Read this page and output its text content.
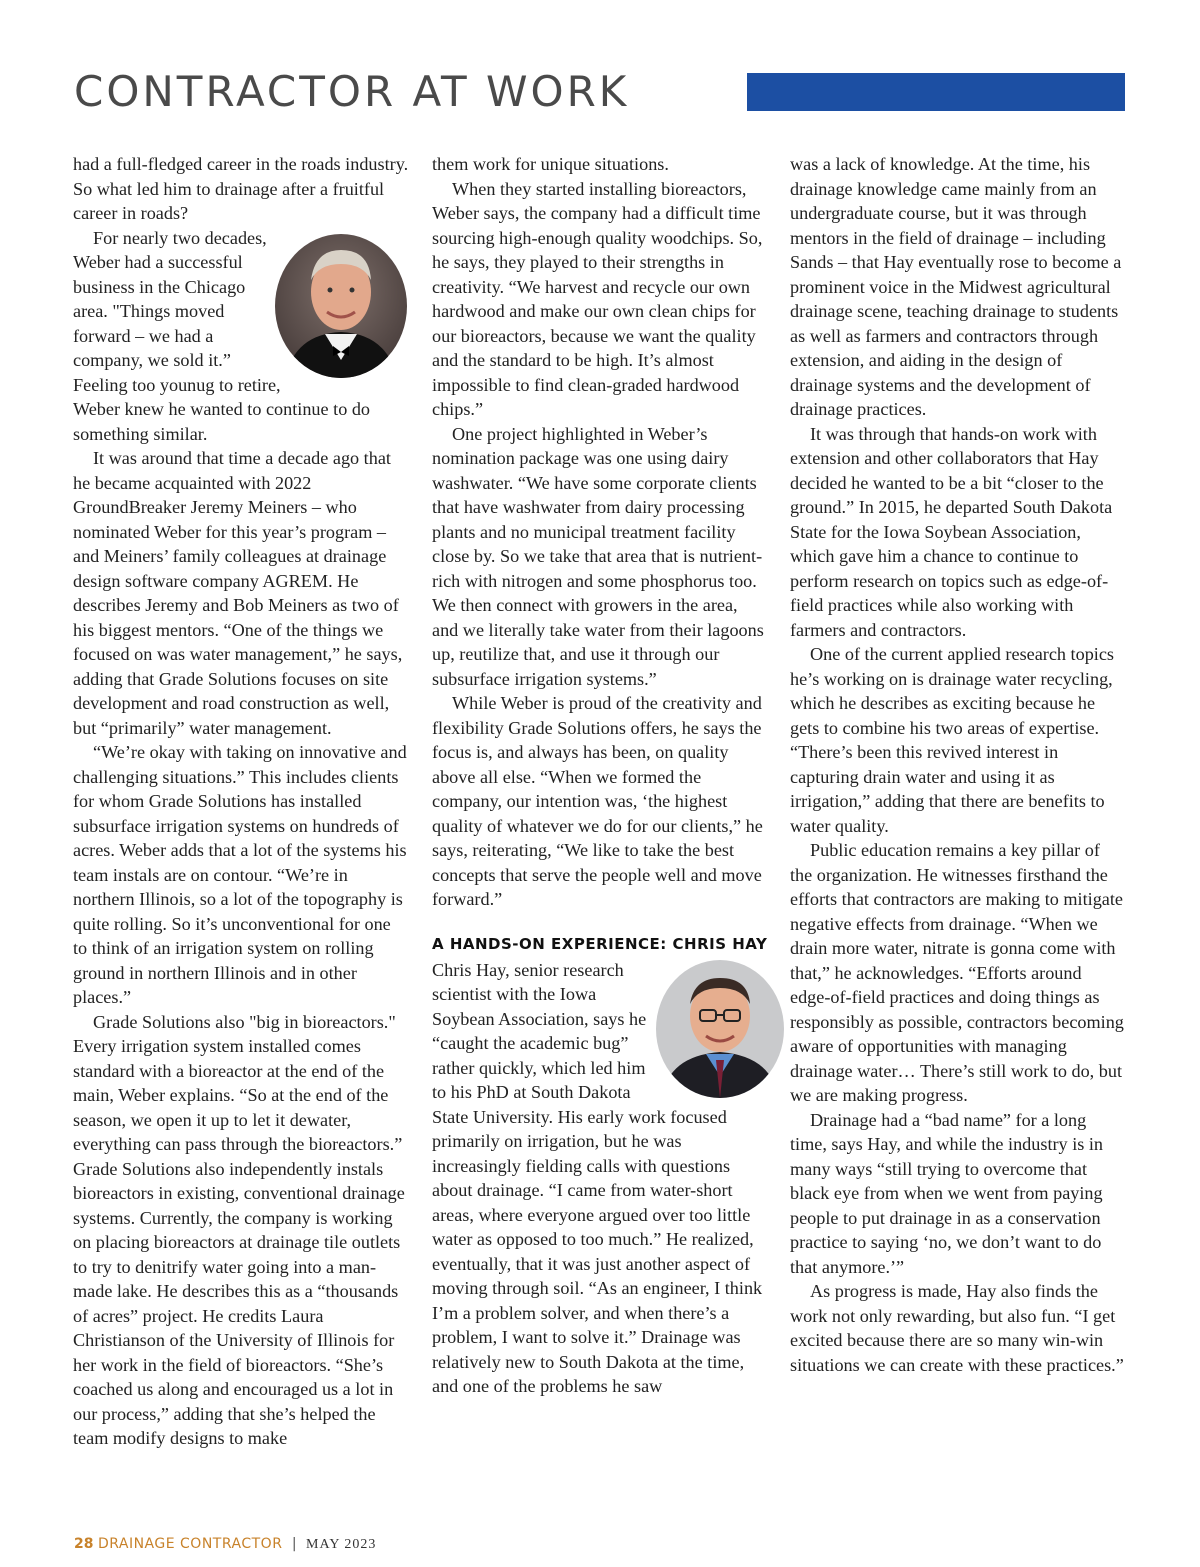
CONTRACTOR AT WORK

had a full-fledged career in the roads industry. So what led him to drainage after a fruitful career in roads?

For nearly two decades, Weber had a successful business in the Chicago area. "Things moved forward – we had a company, we sold it.” Feeling too younug to retire, Weber knew he wanted to continue to do something similar.

It was around that time a decade ago that he became acquainted with 2022 GroundBreaker Jeremy Meiners – who nominated Weber for this year’s program – and Meiners’ family colleagues at drainage design software company AGREM. He describes Jeremy and Bob Meiners as two of his biggest mentors. “One of the things we focused on was water management,” he says, adding that Grade Solutions focuses on site development and road construction as well, but “primarily” water management.

“We’re okay with taking on innovative and challenging situations.” This includes clients for whom Grade Solutions has installed subsurface irrigation systems on hundreds of acres. Weber adds that a lot of the systems his team instals are on contour. “We’re in northern Illinois, so a lot of the topography is quite rolling. So it’s unconventional for one to think of an irrigation system on rolling ground in northern Illinois and in other places.”

Grade Solutions also "big in bioreactors." Every irrigation system installed comes standard with a bioreactor at the end of the main, Weber explains. “So at the end of the season, we open it up to let it dewater, everything can pass through the bioreactors.” Grade Solutions also independently instals bioreactors in existing, conventional drainage systems. Currently, the company is working on placing bioreactors at drainage tile outlets to try to denitrify water going into a man-made lake. He describes this as a “thousands of acres” project. He credits Laura Christianson of the University of Illinois for her work in the field of bioreactors. “She’s coached us along and encouraged us a lot in our process,” adding that she’s helped the team modify designs to make

them work for unique situations.

When they started installing bioreactors, Weber says, the company had a difficult time sourcing high-enough quality woodchips. So, he says, they played to their strengths in creativity. “We harvest and recycle our own hardwood and make our own clean chips for our bioreactors, because we want the quality and the standard to be high. It’s almost impossible to find clean-graded hardwood chips.”

One project highlighted in Weber’s nomination package was one using dairy washwater. “We have some corporate clients that have washwater from dairy processing plants and no municipal treatment facility close by. So we take that area that is nutrient-rich with nitrogen and some phosphorus too. We then connect with growers in the area, and we literally take water from their lagoons up, reutilize that, and use it through our subsurface irrigation systems.”

While Weber is proud of the creativity and flexibility Grade Solutions offers, he says the focus is, and always has been, on quality above all else. “When we formed the company, our intention was, ‘the highest quality of whatever we do for our clients,” he says, reiterating, “We like to take the best concepts that serve the people well and move forward.”

A HANDS-ON EXPERIENCE: CHRIS HAY

Chris Hay, senior research scientist with the Iowa Soybean Association, says he “caught the academic bug” rather quickly, which led him to his PhD at South Dakota State University. His early work focused primarily on irrigation, but he was increasingly fielding calls with questions about drainage. “I came from water-short areas, where everyone argued over too little water as opposed to too much.” He realized, eventually, that it was just another aspect of moving through soil. “As an engineer, I think I’m a problem solver, and when there’s a problem, I want to solve it.” Drainage was relatively new to South Dakota at the time, and one of the problems he saw

was a lack of knowledge. At the time, his drainage knowledge came mainly from an undergraduate course, but it was through mentors in the field of drainage – including Sands – that Hay eventually rose to become a prominent voice in the Midwest agricultural drainage scene, teaching drainage to students as well as farmers and contractors through extension, and aiding in the design of drainage systems and the development of drainage practices.

It was through that hands-on work with extension and other collaborators that Hay decided he wanted to be a bit “closer to the ground.” In 2015, he departed South Dakota State for the Iowa Soybean Association, which gave him a chance to continue to perform research on topics such as edge-of-field practices while also working with farmers and contractors.

One of the current applied research topics he’s working on is drainage water recycling, which he describes as exciting because he gets to combine his two areas of expertise. “There’s been this revived interest in capturing drain water and using it as irrigation,” adding that there are benefits to water quality.

Public education remains a key pillar of the organization. He witnesses firsthand the efforts that contractors are making to mitigate negative effects from drainage. “When we drain more water, nitrate is gonna come with that,” he acknowledges. “Efforts around edge-of-field practices and doing things as responsibly as possible, contractors becoming aware of opportunities with managing drainage water… There’s still work to do, but we are making progress.

Drainage had a “bad name” for a long time, says Hay, and while the industry is in many ways “still trying to overcome that black eye from when we went from paying people to put drainage in as a conservation practice to saying ‘no, we don’t want to do that anymore.’”

As progress is made, Hay also finds the work not only rewarding, but also fun. “I get excited because there are so many win-win situations we can create with these practices.”

28 DRAINAGE CONTRACTOR | MAY 2023
